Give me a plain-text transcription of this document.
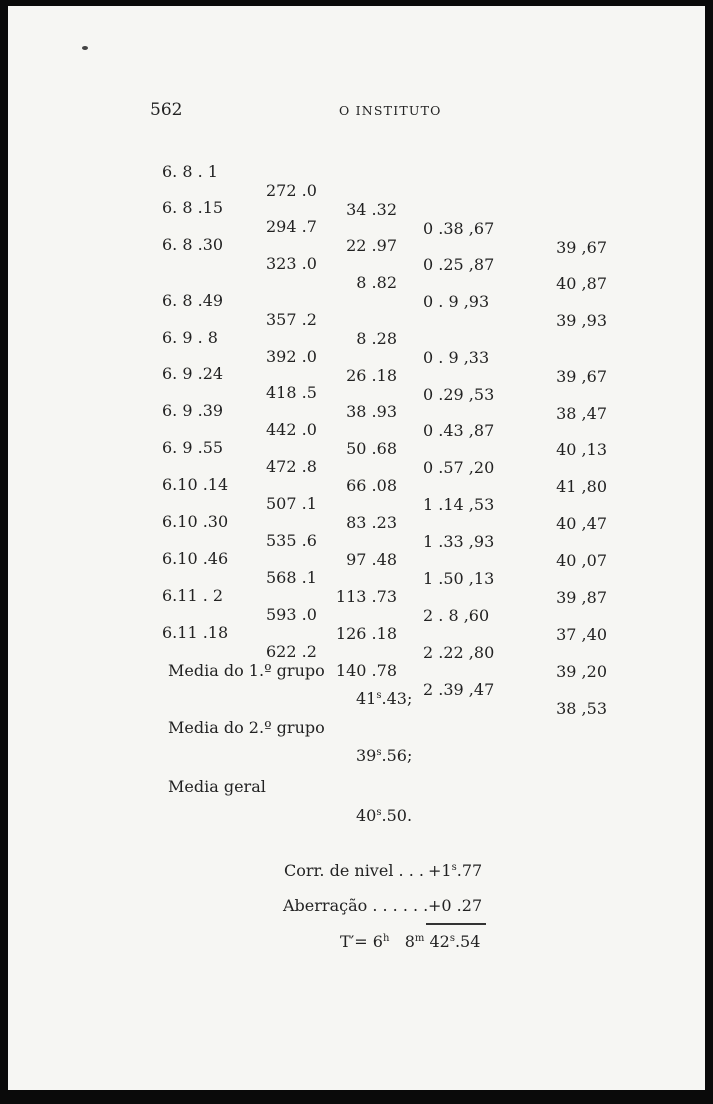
562	O INSTITUTO

6. 8 . 1

272 .0

34 .32

0 .38 ,67

39 ,67

6. 8 .15

294 .7

22 .97

0 .25 ,87

40 ,87

6. 8 .30

323 .0

8 .82

0 . 9 ,93

39 ,93

6. 8 .49

357 .2

8 .28

0 . 9 ,33

39 ,67

6. 9 . 8

392 .0

26 .18

0 .29 ,53

38 ,47

6. 9 .24

418 .5

38 .93

0 .43 ,87

40 ,13

6. 9 .39

442 .0

50 .68

0 .57 ,20

41 ,80

6. 9 .55

472 .8

66 .08

1 .14 ,53

40 ,47

6.10 .14

507 .1

83 .23

1 .33 ,93

40 ,07

6.10 .30

535 .6

97 .48

1 .50 ,13

39 ,87

6.10 .46

568 .1

113 .73

2 . 8 ,60

37 ,40

6.11 . 2

593 .0

126 .18

2 .22 ,80

39 ,20

6.11 .18

622 .2

140 .78

2 .39 ,47

38 ,53

Media do 1.º grupo
41$^s$.43;
Media do 2.º grupo
39$^s$.56;
Media geral
40$^s$.50.
Corr. de nivel . . . $+1^s.77$
Aberração . . . . . . +0 .27
$T'= 6^h$ 8$^m$ 42$^s$.54
